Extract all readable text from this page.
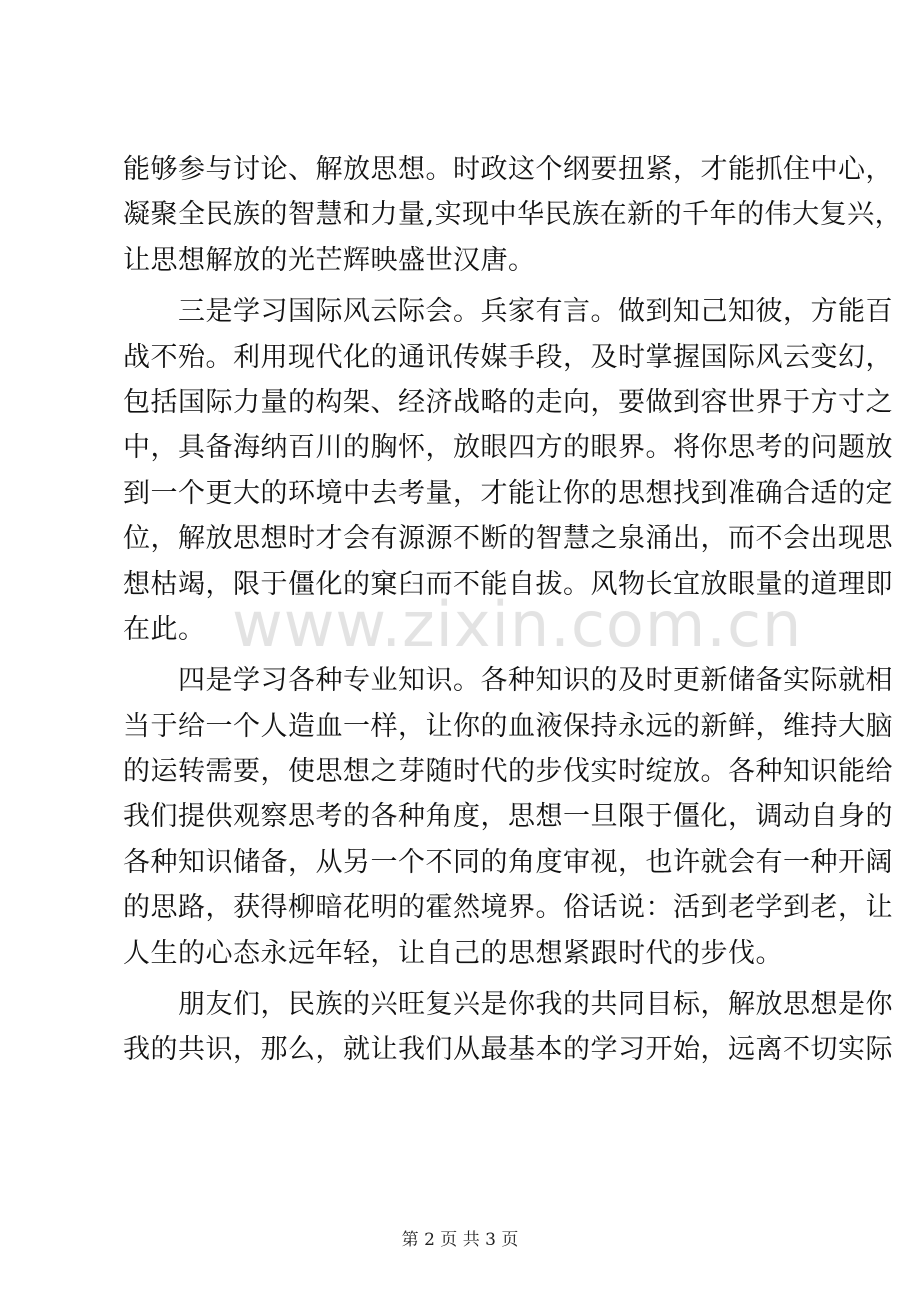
能够参与讨论、解放思想。时政这个纲要扭紧，才能抓住中心，
凝聚全民族的智慧和力量,实现中华民族在新的千年的伟大复兴，
让思想解放的光芒辉映盛世汉唐。
　　三是学习国际风云际会。兵家有言。做到知己知彼，方能百
战不殆。利用现代化的通讯传媒手段，及时掌握国际风云变幻，
包括国际力量的构架、经济战略的走向，要做到容世界于方寸之
中，具备海纳百川的胸怀，放眼四方的眼界。将你思考的问题放
到一个更大的环境中去考量，才能让你的思想找到准确合适的定
位，解放思想时才会有源源不断的智慧之泉涌出，而不会出现思
想枯竭，限于僵化的窠臼而不能自拔。风物长宜放眼量的道理即
在此。
　　四是学习各种专业知识。各种知识的及时更新储备实际就相
当于给一个人造血一样，让你的血液保持永远的新鲜，维持大脑
的运转需要，使思想之芽随时代的步伐实时绽放。各种知识能给
我们提供观察思考的各种角度，思想一旦限于僵化，调动自身的
各种知识储备，从另一个不同的角度审视，也许就会有一种开阔
的思路，获得柳暗花明的霍然境界。俗话说：活到老学到老，让
人生的心态永远年轻，让自己的思想紧跟时代的步伐。
　　朋友们，民族的兴旺复兴是你我的共同目标，解放思想是你
我的共识，那么，就让我们从最基本的学习开始，远离不切实际
www.zixin.com.cn
第 2 页 共 3 页
